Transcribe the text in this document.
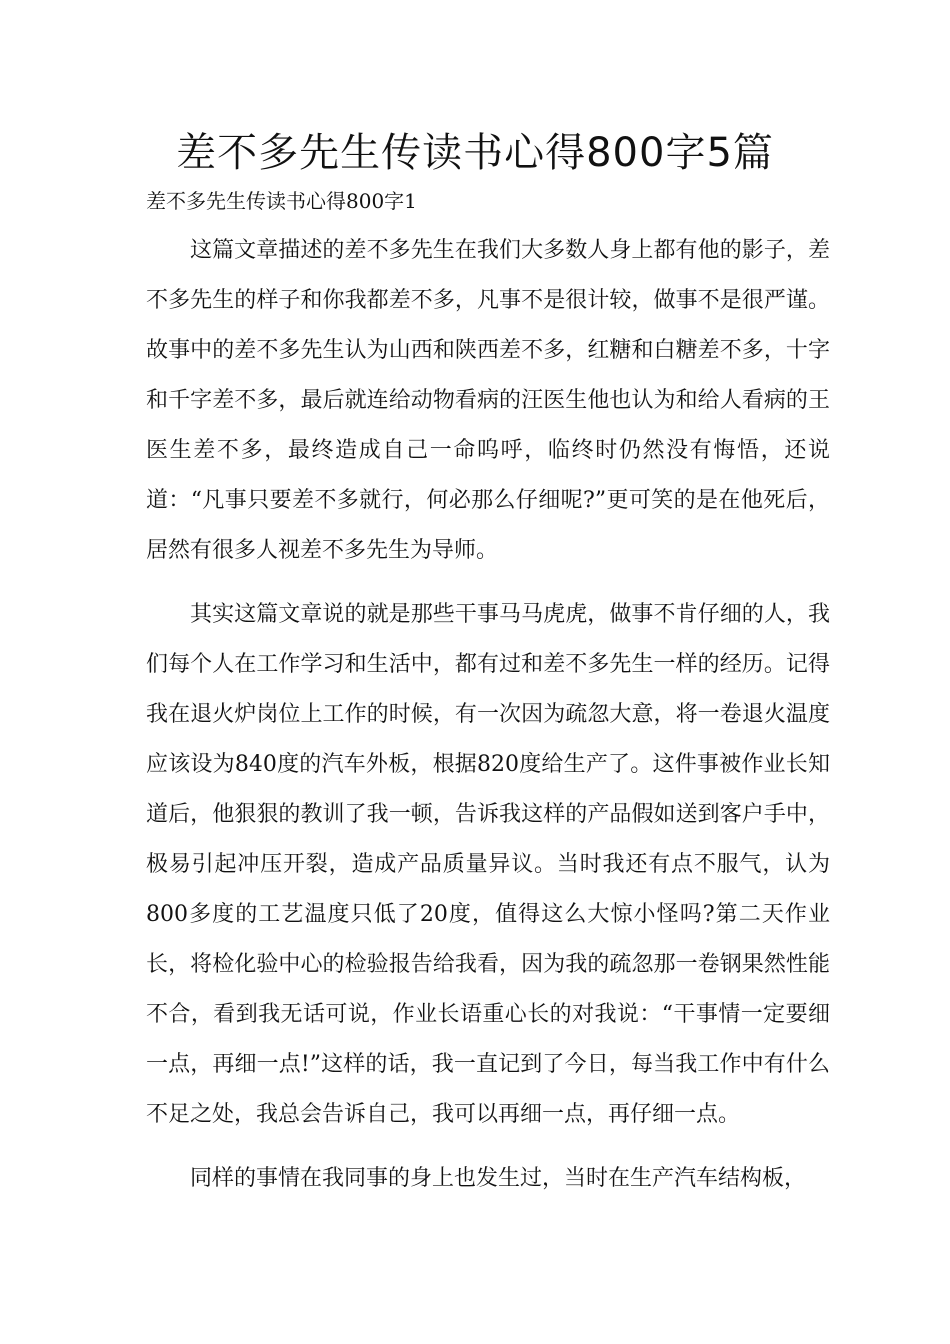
差不多先生传读书心得800字5篇
差不多先生传读书心得800字1

这篇文章描述的差不多先生在我们大多数人身上都有他的影子，差不多先生的样子和你我都差不多，凡事不是很计较，做事不是很严谨。故事中的差不多先生认为山西和陕西差不多，红糖和白糖差不多，十字和千字差不多，最后就连给动物看病的汪医生他也认为和给人看病的王医生差不多，最终造成自己一命呜呼，临终时仍然没有悔悟，还说道：“凡事只要差不多就行，何必那么仔细呢?”更可笑的是在他死后，居然有很多人视差不多先生为导师。

其实这篇文章说的就是那些干事马马虎虎，做事不肯仔细的人，我们每个人在工作学习和生活中，都有过和差不多先生一样的经历。记得我在退火炉岗位上工作的时候，有一次因为疏忽大意，将一卷退火温度应该设为840度的汽车外板，根据820度给生产了。这件事被作业长知道后，他狠狠的教训了我一顿，告诉我这样的产品假如送到客户手中，极易引起冲压开裂，造成产品质量异议。当时我还有点不服气，认为800多度的工艺温度只低了20度，值得这么大惊小怪吗?第二天作业长，将检化验中心的检验报告给我看，因为我的疏忽那一卷钢果然性能不合，看到我无话可说，作业长语重心长的对我说：“干事情一定要细一点，再细一点!”这样的话，我一直记到了今日，每当我工作中有什么不足之处，我总会告诉自己，我可以再细一点，再仔细一点。

同样的事情在我同事的身上也发生过，当时在生产汽车结构板，
